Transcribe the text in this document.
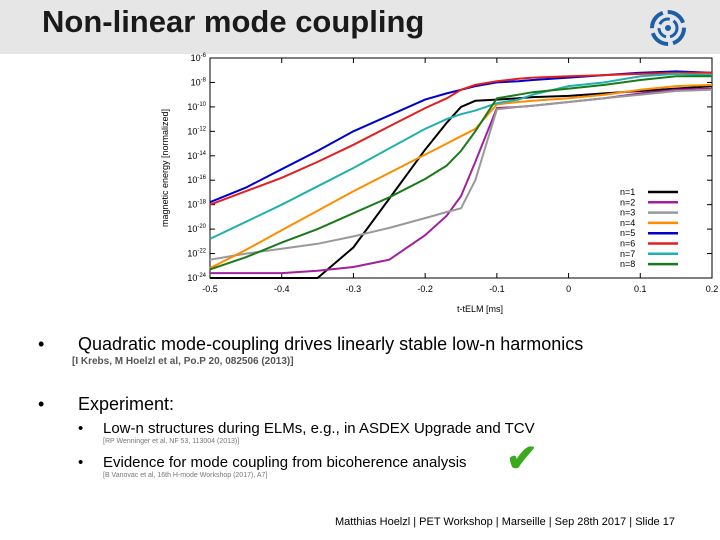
Non-linear mode coupling
-0.5	-0.4	-0.3	-0.2	-0.1	0	0.1	0.2
$10^{-6}$
$10^{-8}$
$10^{-10}$
$10^{-12}$
$10^{-14}$
$10^{-16}$
$10^{-18}$
$10^{-20}$
$10^{-22}$
$10^{-24}$
magnetic energy [normalized]
t-tELM [ms]
n=1
n=2
n=3
n=4
n=5
n=6
n=7
n=8
• Quadratic mode-coupling drives linearly stable low-n harmonics
[I Krebs, M Hoelzl et al, Po.P 20, 082506 (2013)]
• Experiment:
• Low-n structures during ELMs, e.g., in ASDEX Upgrade and TCV
[RP Wenninger et al, NF 53, 113004 (2013)]
• Evidence for mode coupling from bicoherence analysis
[B Vanovac et al, 16th H-mode Workshop (2017), A7]	✔
Matthias Hoelzl | PET Workshop | Marseille | Sep 28th 2017 | Slide 17
